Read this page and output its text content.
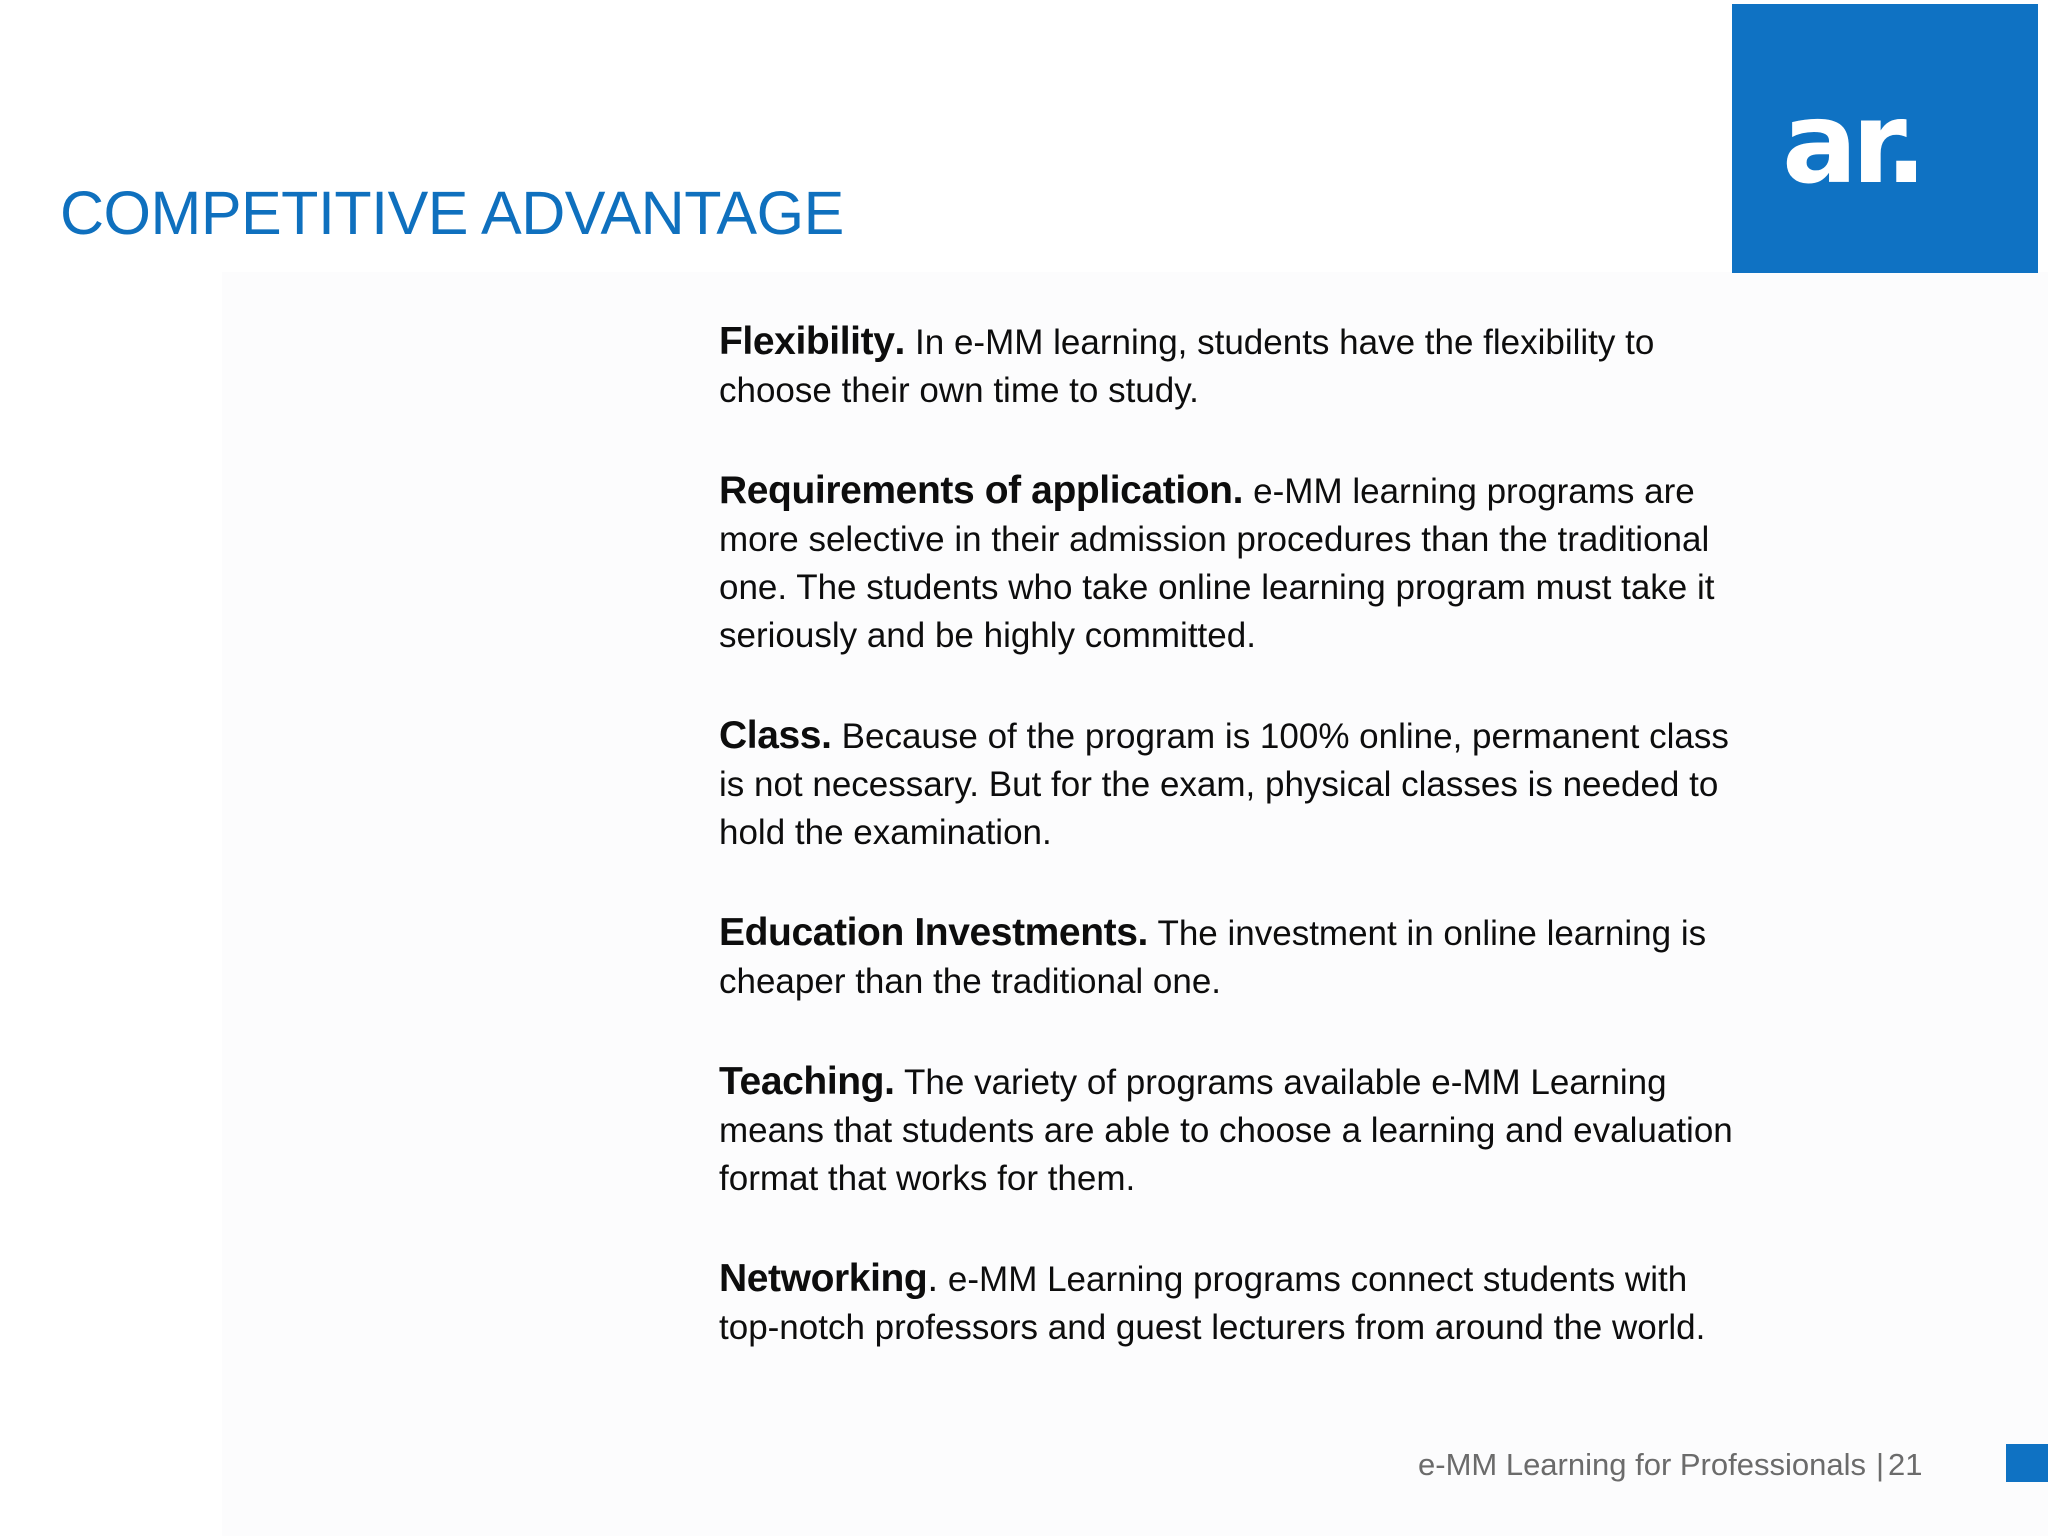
COMPETITIVE ADVANTAGE
ar.
Flexibility. In e-MM learning, students have the flexibility to choose their own time to study.
Requirements of application. e-MM learning programs are more selective in their admission procedures than the traditional one. The students who take online learning program must take it seriously and be highly committed.
Class. Because of the program is 100% online, permanent class is not necessary. But for the exam, physical classes is needed to hold the examination.
Education Investments. The investment in online learning is cheaper than the traditional one.
Teaching. The variety of programs available e-MM Learning means that students are able to choose a learning and evaluation format that works for them.
Networking. e-MM Learning programs connect students with top-notch professors and guest lecturers from around the world.
e-MM Learning for Professionals | 21
